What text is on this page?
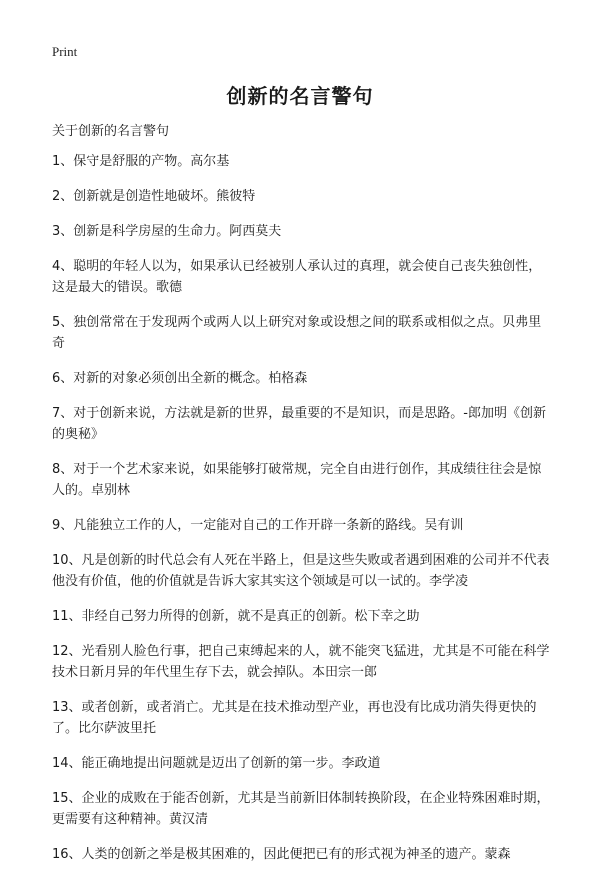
Print
创新的名言警句

关于创新的名言警句

1、保守是舒服的产物。高尔基
2、创新就是创造性地破坏。熊彼特
3、创新是科学房屋的生命力。阿西莫夫
4、聪明的年轻人以为，如果承认已经被别人承认过的真理，就会使自己丧失独创性，这是最大的错误。歌德
5、独创常常在于发现两个或两人以上研究对象或设想之间的联系或相似之点。贝弗里奇
6、对新的对象必须创出全新的概念。柏格森
7、对于创新来说，方法就是新的世界，最重要的不是知识，而是思路。-郎加明《创新的奥秘》
8、对于一个艺术家来说，如果能够打破常规，完全自由进行创作，其成绩往往会是惊人的。卓别林
9、凡能独立工作的人，一定能对自己的工作开辟一条新的路线。吴有训
10、凡是创新的时代总会有人死在半路上，但是这些失败或者遇到困难的公司并不代表他没有价值，他的价值就是告诉大家其实这个领域是可以一试的。李学凌
11、非经自己努力所得的创新，就不是真正的创新。松下幸之助
12、光看别人脸色行事，把自己束缚起来的人，就不能突飞猛进，尤其是不可能在科学技术日新月异的年代里生存下去，就会掉队。本田宗一郎
13、或者创新，或者消亡。尤其是在技术推动型产业，再也没有比成功消失得更快的了。比尔萨波里托
14、能正确地提出问题就是迈出了创新的第一步。李政道
15、企业的成败在于能否创新，尤其是当前新旧体制转换阶段，在企业特殊困难时期，更需要有这种精神。黄汉清
16、人类的创新之举是极其困难的，因此便把已有的形式视为神圣的遗产。蒙森
